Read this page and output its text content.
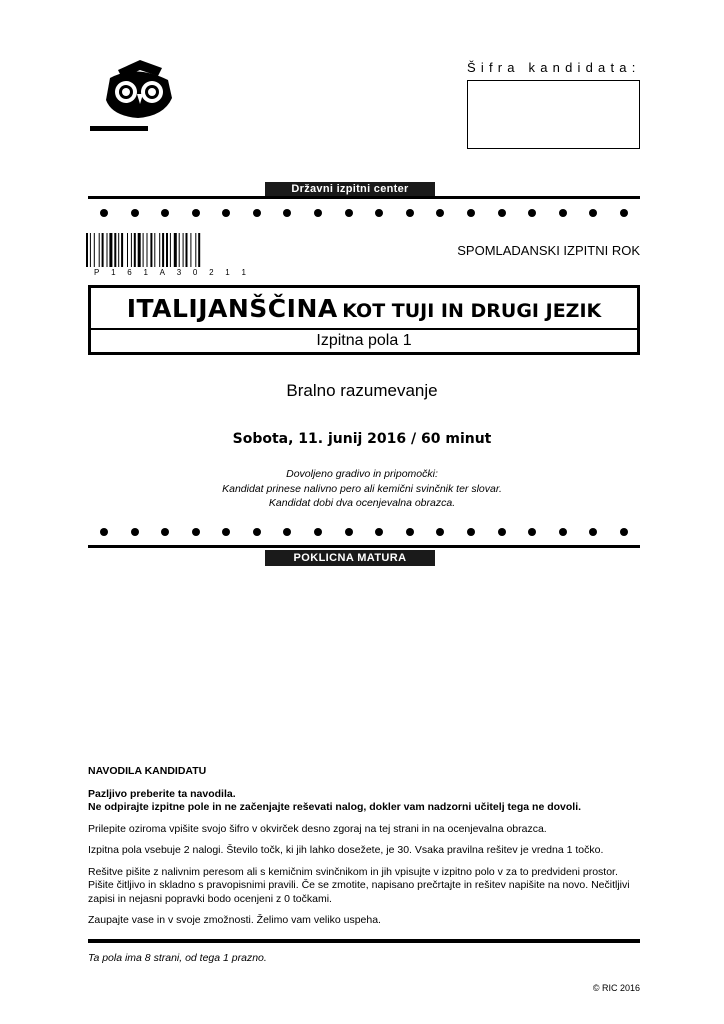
Šifra kandidata:
Državni izpitni center
P 1 6 1 A 3 0 2 1 1
SPOMLADANSKI IZPITNI ROK
ITALIJANŠČINA KOT TUJI IN DRUGI JEZIK
Izpitna pola 1
Bralno razumevanje
Sobota, 11. junij 2016 / 60 minut
Dovoljeno gradivo in pripomočki:
Kandidat prinese nalivno pero ali kemični svinčnik ter slovar.
Kandidat dobi dva ocenjevalna obrazca.
POKLICNA MATURA

NAVODILA KANDIDATU

Pazljivo preberite ta navodila.

Ne odpirajte izpitne pole in ne začenjajte reševati nalog, dokler vam nadzorni učitelj tega ne dovoli.

Prilepite oziroma vpišite svojo šifro v okvirček desno zgoraj na tej strani in na ocenjevalna obrazca.

Izpitna pola vsebuje 2 nalogi. Število točk, ki jih lahko dosežete, je 30. Vsaka pravilna rešitev je vredna 1 točko.

Rešitve pišite z nalivnim peresom ali s kemičnim svinčnikom in jih vpisujte v izpitno polo v za to predvideni prostor. Pišite čitljivo in skladno s pravopisnimi pravili. Če se zmotite, napisano prečrtajte in rešitev napišite na novo. Nečitljivi zapisi in nejasni popravki bodo ocenjeni z 0 točkami.

Zaupajte vase in v svoje zmožnosti. Želimo vam veliko uspeha.

Ta pola ima 8 strani, od tega 1 prazno.
© RIC 2016
